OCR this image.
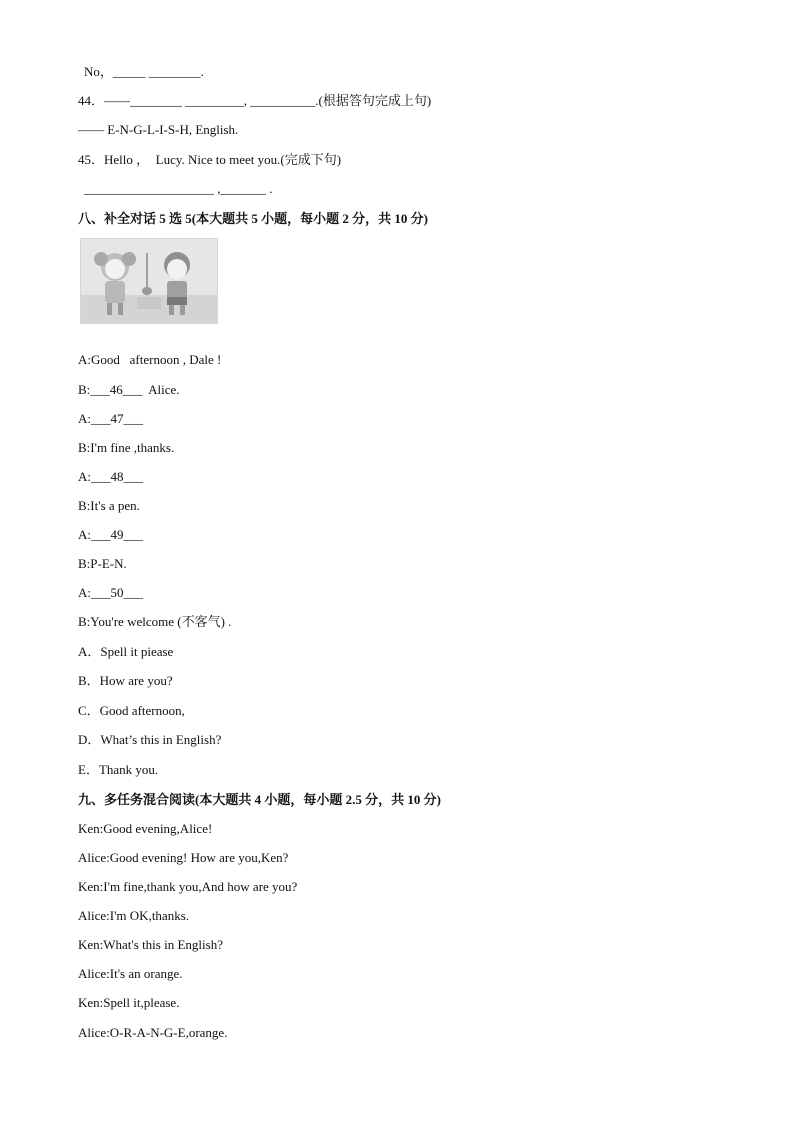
No，_____ ________.
44．——________ _________, __________.(根据答句完成上句)
—— E-N-G-L-I-S-H, English.
45．Hello ，  Lucy. Nice to meet you.(完成下句)
____________________ ,_______ .
八、补全对话 5 选 5(本大题共 5 小题，每小题 2 分，共 10 分)
A:Good   afternoon , Dale !
B:___46___  Alice.
A:___47___
B:I'm fine ,thanks.
A:___48___
B:It's a pen.
A:___49___
B:P-E-N.
A:___50___
B:You're welcome (不客气) .
A．Spell it piease
B．How are you?
C．Good afternoon,
D．What’s this in English?
E．Thank you.
九、多任务混合阅读(本大题共 4 小题，每小题 2.5 分，共 10 分)
Ken:Good evening,Alice!
Alice:Good evening! How are you,Ken?
Ken:I'm fine,thank you,And how are you?
Alice:I'm OK,thanks.
Ken:What's this in English?
Alice:It's an orange.
Ken:Spell it,please.
Alice:O-R-A-N-G-E,orange.
